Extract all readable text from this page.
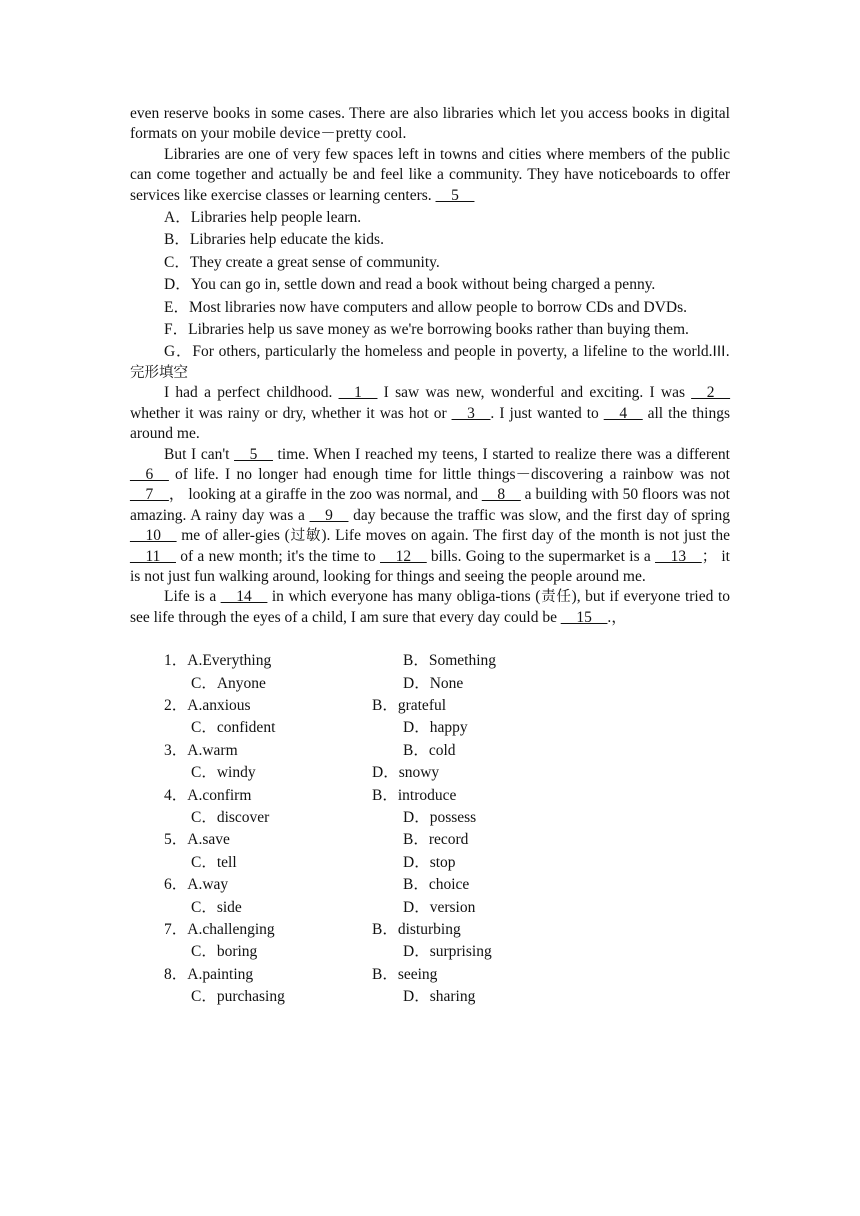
even reserve books in some cases. There are also libraries which let you access books in digital formats on your mobile device－pretty cool.

Libraries are one of very few spaces left in towns and cities where members of the public can come together and actually be and feel like a community. They have noticeboards to offer services like exercise classes or learning centers. __5__

A．Libraries help people learn.

B．Libraries help educate the kids.

C．They create a great sense of community.

D．You can go in, settle down and read a book without being charged a penny.

E．Most libraries now have computers and allow people to borrow CDs and DVDs.

F．Libraries help us save money as we're borrowing books rather than buying them.

G．For others, particularly the homeless and people in poverty, a lifeline to the world.III.完形填空

I had a perfect childhood. __1__ I saw was new, wonderful and exciting. I was __2__ whether it was rainy or dry, whether it was hot or __3__. I just wanted to __4__ all the things around me.

But I can't __5__ time. When I reached my teens, I started to realize there was a different __6__ of life. I no longer had enough time for little things－discovering a rainbow was not __7__， looking at a giraffe in the zoo was normal, and __8__ a building with 50 floors was not amazing. A rainy day was a __9__ day because the traffic was slow, and the first day of spring __10__ me of aller-gies (过敏). Life moves on again. The first day of the month is not just the __11__ of a new month; it's the time to __12__ bills. Going to the supermarket is a __13__； it is not just fun walking around, looking for things and seeing the people around me.

Life is a __14__ in which everyone has many obliga-tions (责任), but if everyone tried to see life through the eyes of a child, I am sure that every day could be __15__.，

1．A.Everything	B．Something
C．Anyone	D．None
2．A.anxious	B．grateful
C．confident	D．happy
3．A.warm	B．cold
C．windy	D．snowy
4．A.confirm	B．introduce
C．discover	D．possess
5．A.save	B．record
C．tell	D．stop
6．A.way	B．choice
C．side	D．version
7．A.challenging	B．disturbing
C．boring	D．surprising
8．A.painting	B．seeing
C．purchasing	D．sharing
